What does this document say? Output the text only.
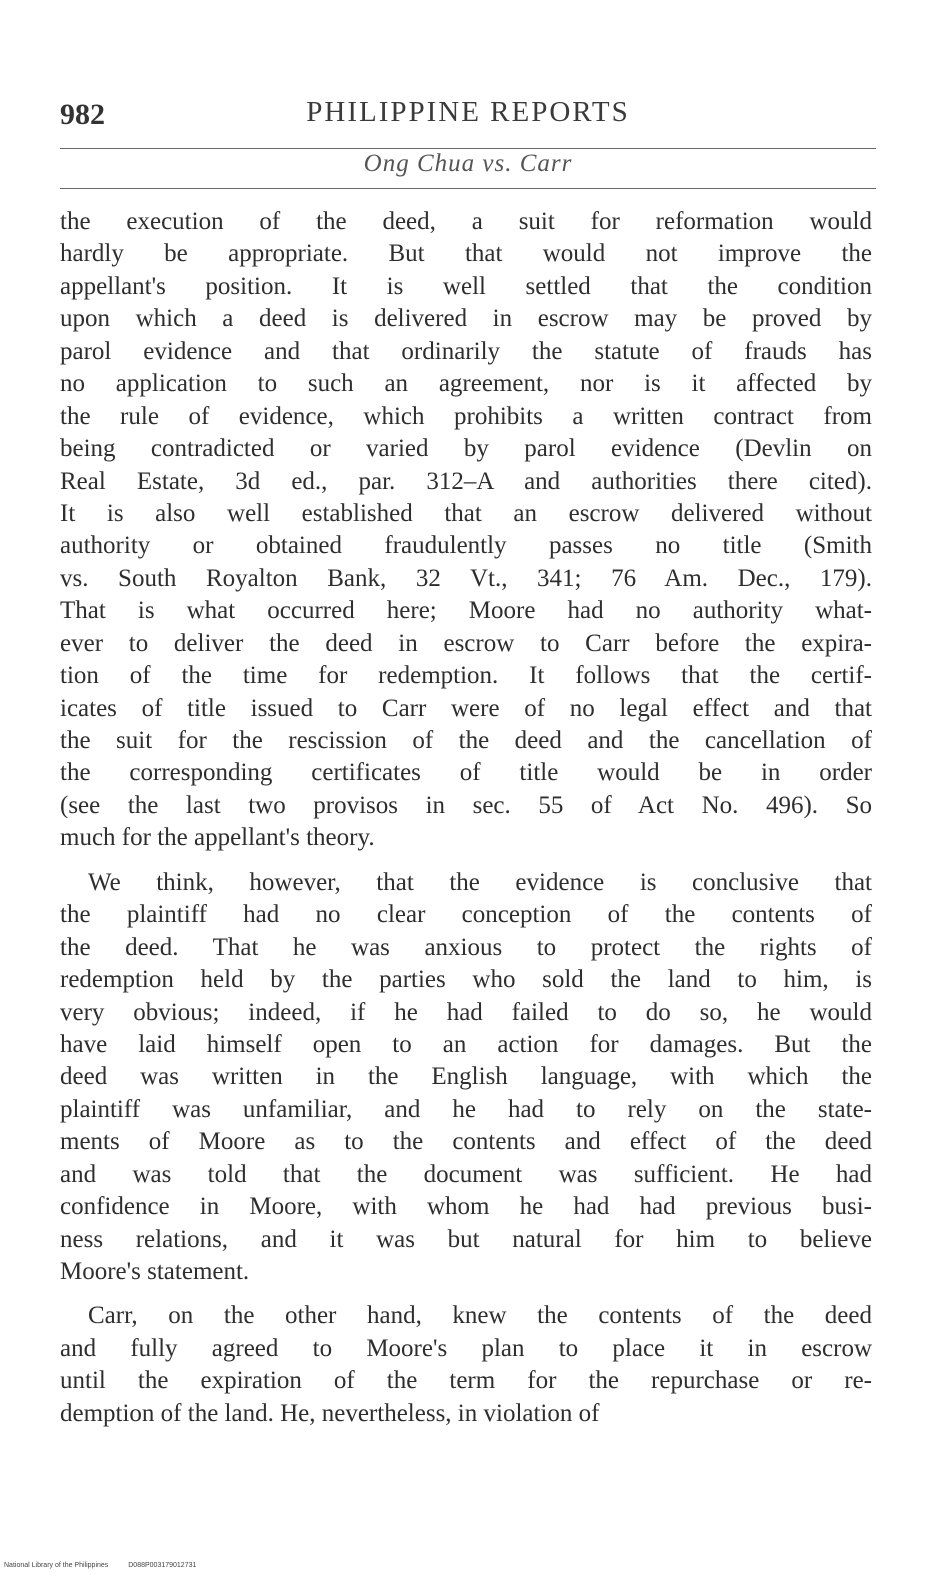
982	PHILIPPINE REPORTS
Ong Chua vs. Carr
the execution of the deed, a suit for reformation would
hardly be appropriate. But that would not improve the
appellant's position. It is well settled that the condition
upon which a deed is delivered in escrow may be proved by
parol evidence and that ordinarily the statute of frauds has
no application to such an agreement, nor is it affected by
the rule of evidence, which prohibits a written contract from
being contradicted or varied by parol evidence (Devlin on
Real Estate, 3d ed., par. 312–A and authorities there cited).
It is also well established that an escrow delivered without
authority or obtained fraudulently passes no title (Smith
vs. South Royalton Bank, 32 Vt., 341; 76 Am. Dec., 179).
That is what occurred here; Moore had no authority what-
ever to deliver the deed in escrow to Carr before the expira-
tion of the time for redemption. It follows that the certif-
icates of title issued to Carr were of no legal effect and that
the suit for the rescission of the deed and the cancellation of
the corresponding certificates of title would be in order
(see the last two provisos in sec. 55 of Act No. 496). So
much for the appellant's theory.
We think, however, that the evidence is conclusive that
the plaintiff had no clear conception of the contents of
the deed. That he was anxious to protect the rights of
redemption held by the parties who sold the land to him, is
very obvious; indeed, if he had failed to do so, he would
have laid himself open to an action for damages. But the
deed was written in the English language, with which the
plaintiff was unfamiliar, and he had to rely on the state-
ments of Moore as to the contents and effect of the deed
and was told that the document was sufficient. He had
confidence in Moore, with whom he had had previous busi-
ness relations, and it was but natural for him to believe
Moore's statement.
Carr, on the other hand, knew the contents of the deed
and fully agreed to Moore's plan to place it in escrow
until the expiration of the term for the repurchase or re-
demption of the land. He, nevertheless, in violation of
National Library of the Philippines	D088P003179012731
